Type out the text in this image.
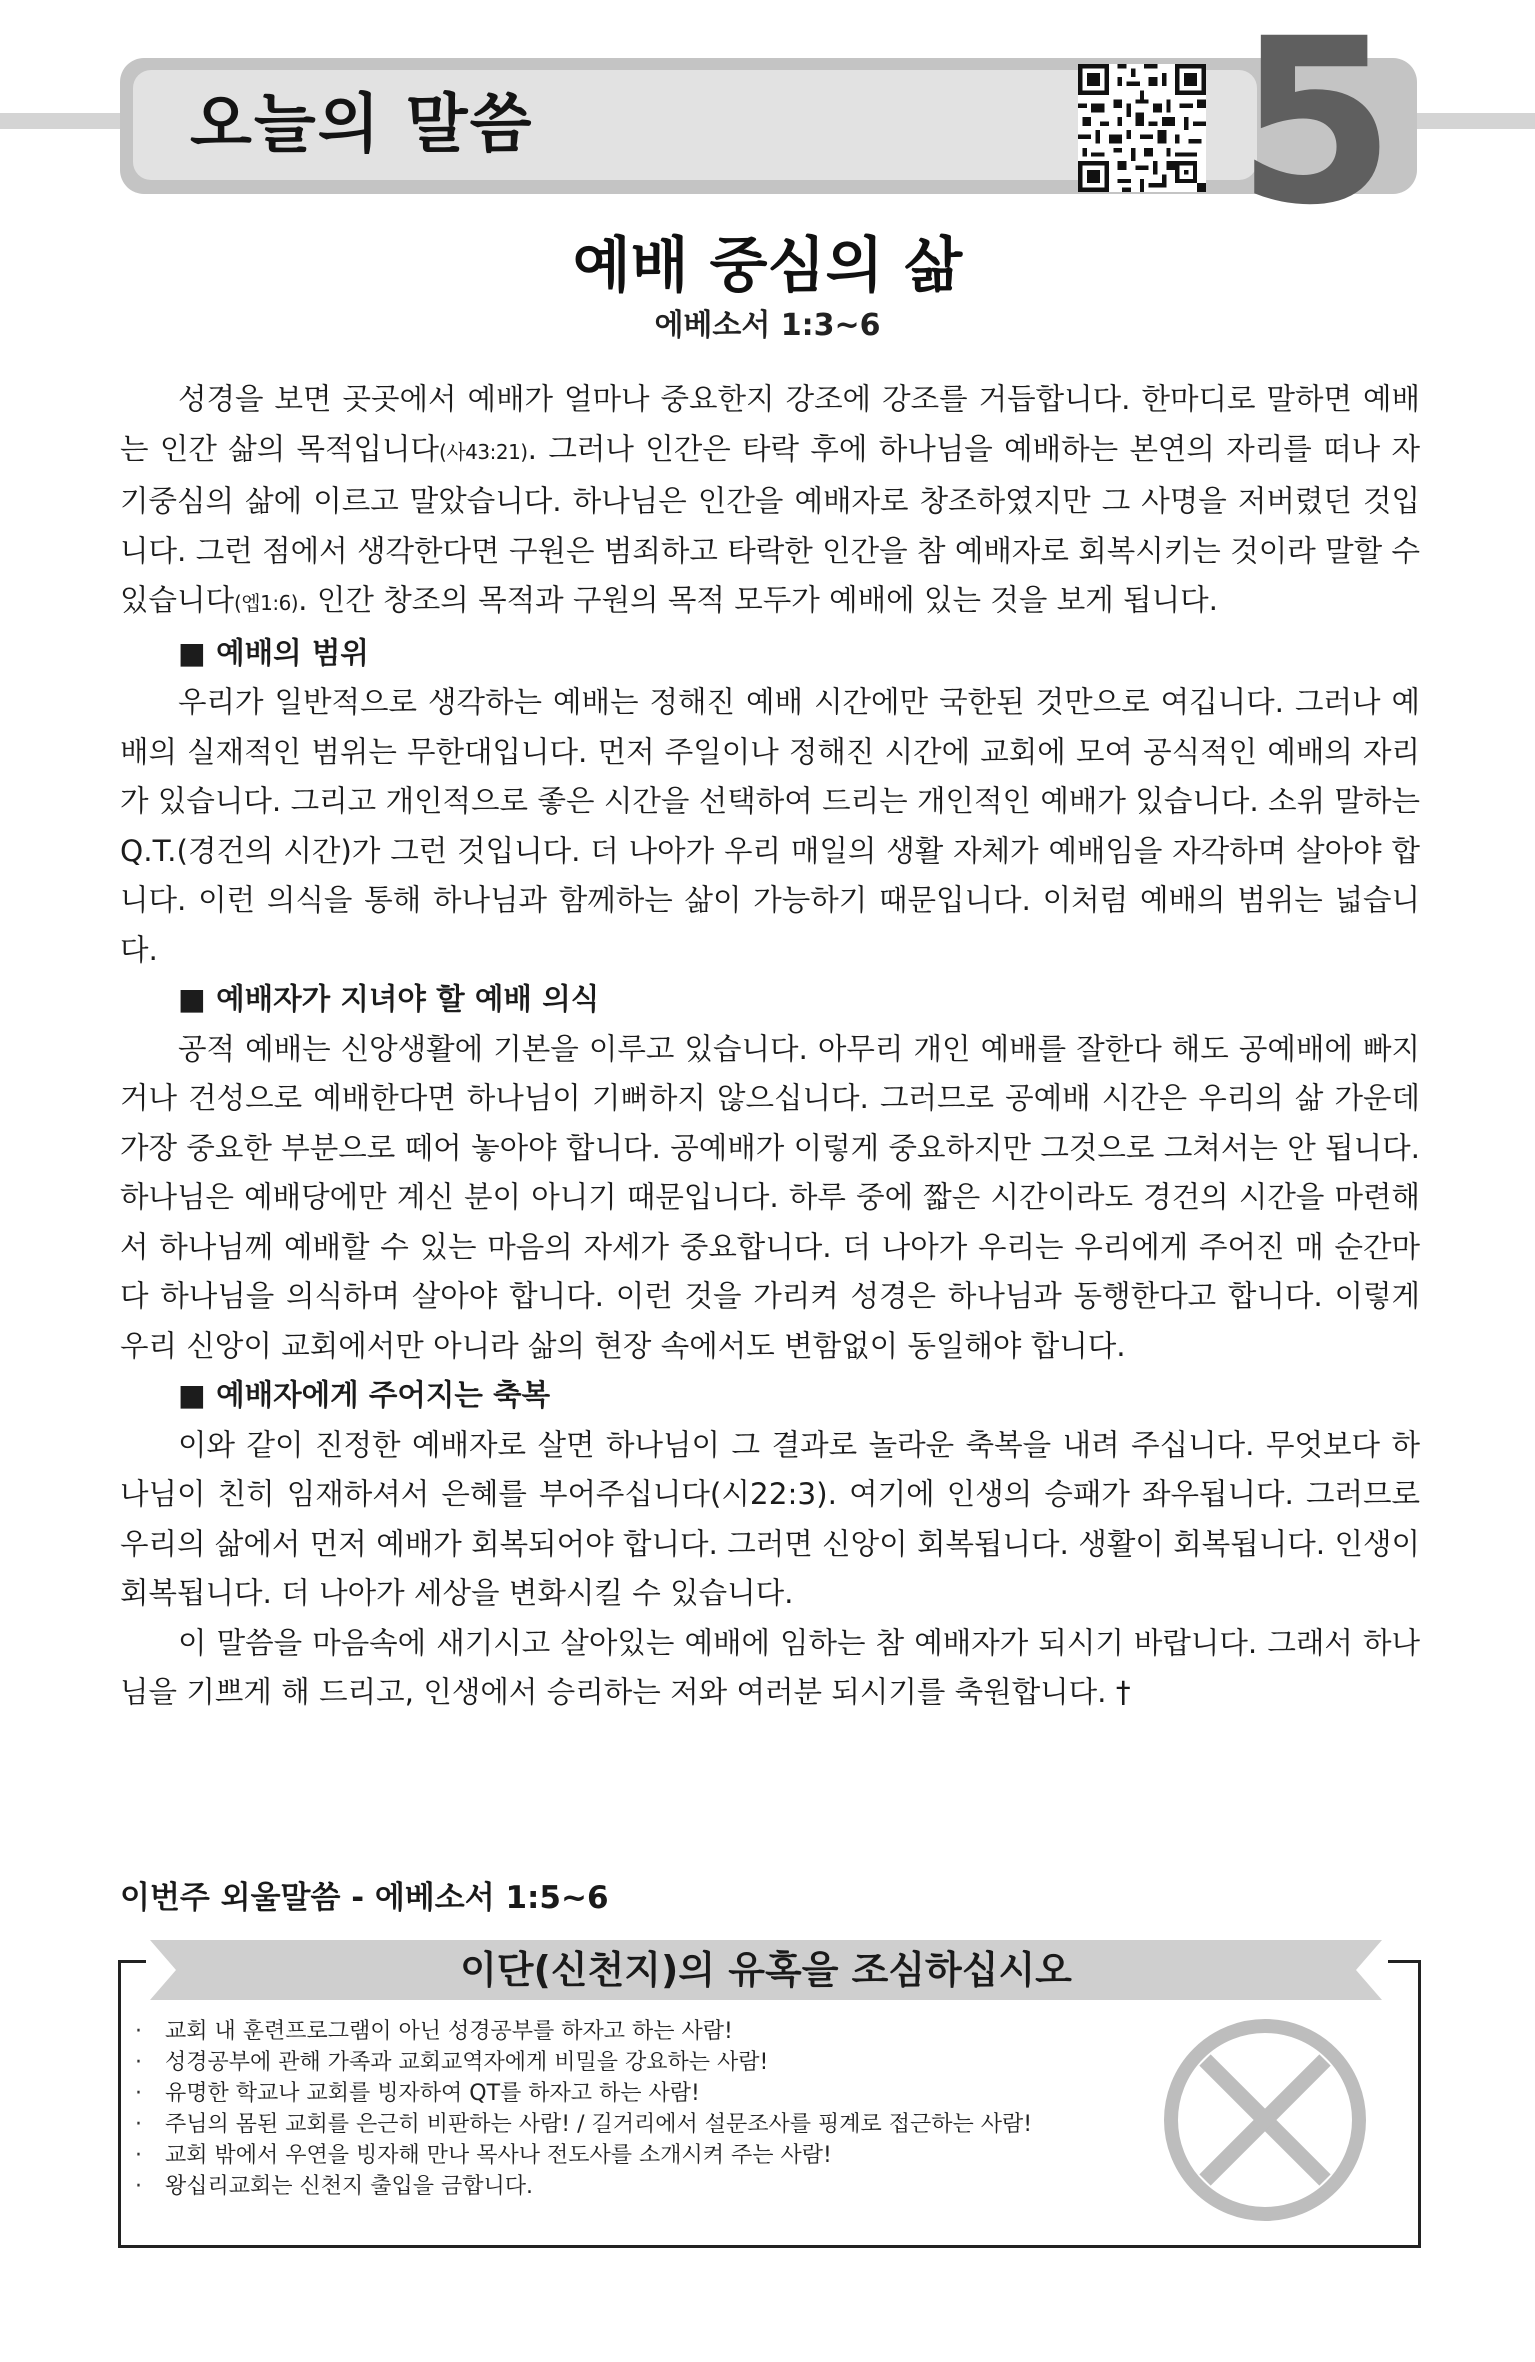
오늘의 말씀	5
예배 중심의 삶
에베소서 1:3~6

성경을 보면 곳곳에서 예배가 얼마나 중요한지 강조에 강조를 거듭합니다. 한마디로 말하면 예배는 인간 삶의 목적입니다(사43:21). 그러나 인간은 타락 후에 하나님을 예배하는 본연의 자리를 떠나 자기중심의 삶에 이르고 말았습니다. 하나님은 인간을 예배자로 창조하였지만 그 사명을 저버렸던 것입니다. 그런 점에서 생각한다면 구원은 범죄하고 타락한 인간을 참 예배자로 회복시키는 것이라 말할 수 있습니다(엡1:6). 인간 창조의 목적과 구원의 목적 모두가 예배에 있는 것을 보게 됩니다.

■ 예배의 범위

우리가 일반적으로 생각하는 예배는 정해진 예배 시간에만 국한된 것만으로 여깁니다. 그러나 예배의 실재적인 범위는 무한대입니다. 먼저 주일이나 정해진 시간에 교회에 모여 공식적인 예배의 자리가 있습니다. 그리고 개인적으로 좋은 시간을 선택하여 드리는 개인적인 예배가 있습니다. 소위 말하는 Q.T.(경건의 시간)가 그런 것입니다. 더 나아가 우리 매일의 생활 자체가 예배임을 자각하며 살아야 합니다. 이런 의식을 통해 하나님과 함께하는 삶이 가능하기 때문입니다. 이처럼 예배의 범위는 넓습니다.

■ 예배자가 지녀야 할 예배 의식

공적 예배는 신앙생활에 기본을 이루고 있습니다. 아무리 개인 예배를 잘한다 해도 공예배에 빠지거나 건성으로 예배한다면 하나님이 기뻐하지 않으십니다. 그러므로 공예배 시간은 우리의 삶 가운데 가장 중요한 부분으로 떼어 놓아야 합니다. 공예배가 이렇게 중요하지만 그것으로 그쳐서는 안 됩니다. 하나님은 예배당에만 계신 분이 아니기 때문입니다. 하루 중에 짧은 시간이라도 경건의 시간을 마련해서 하나님께 예배할 수 있는 마음의 자세가 중요합니다. 더 나아가 우리는 우리에게 주어진 매 순간마다 하나님을 의식하며 살아야 합니다. 이런 것을 가리켜 성경은 하나님과 동행한다고 합니다. 이렇게 우리 신앙이 교회에서만 아니라 삶의 현장 속에서도 변함없이 동일해야 합니다.

■ 예배자에게 주어지는 축복

이와 같이 진정한 예배자로 살면 하나님이 그 결과로 놀라운 축복을 내려 주십니다. 무엇보다 하나님이 친히 임재하셔서 은혜를 부어주십니다(시22:3). 여기에 인생의 승패가 좌우됩니다. 그러므로 우리의 삶에서 먼저 예배가 회복되어야 합니다. 그러면 신앙이 회복됩니다. 생활이 회복됩니다. 인생이 회복됩니다. 더 나아가 세상을 변화시킬 수 있습니다.

이 말씀을 마음속에 새기시고 살아있는 예배에 임하는 참 예배자가 되시기 바랍니다. 그래서 하나님을 기쁘게 해 드리고, 인생에서 승리하는 저와 여러분 되시기를 축원합니다. †

이번주 외울말씀 - 에베소서 1:5~6
이단(신천지)의 유혹을 조심하십시오
· 교회 내 훈련프로그램이 아닌 성경공부를 하자고 하는 사람!
· 성경공부에 관해 가족과 교회교역자에게 비밀을 강요하는 사람!
· 유명한 학교나 교회를 빙자하여 QT를 하자고 하는 사람!
· 주님의 몸된 교회를 은근히 비판하는 사람! / 길거리에서 설문조사를 핑계로 접근하는 사람!
· 교회 밖에서 우연을 빙자해 만나 목사나 전도사를 소개시켜 주는 사람!
· 왕십리교회는 신천지 출입을 금합니다.
